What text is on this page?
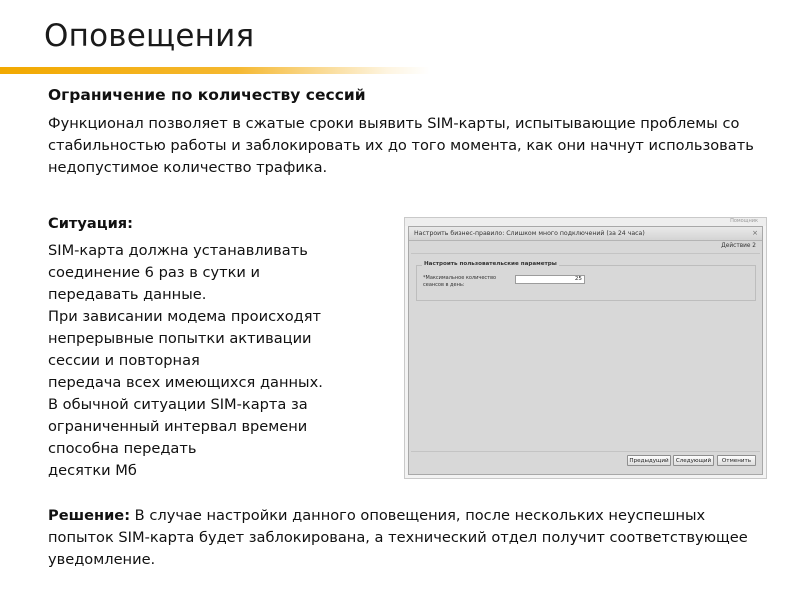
Оповещения
Ограничение по количеству сессий
Функционал позволяет в сжатые сроки выявить SIM-карты, испытывающие проблемы со стабильностью работы и заблокировать их до того момента, как они начнут использовать недопустимое количество трафика.
Ситуация:
SIM-карта должна устанавливать
соединение 6 раз в сутки и
передавать данные.
При зависании модема происходят
непрерывные попытки активации
сессии и повторная
передача всех имеющихся данных.
В обычной ситуации SIM-карта за
ограниченный интервал времени
способна передать
десятки Мб
Помощник
Настроить бизнес-правило: Слишком много подключений (за 24 часа)	×
Действие 2
Настроить пользовательские параметры
*Максимальное количество сеансов в день:
25
Предыдущий	Следующий	Отменить
Решение: В случае настройки данного оповещения, после нескольких неуспешных попыток SIM-карта будет заблокирована, а технический отдел получит соответствующее уведомление.
